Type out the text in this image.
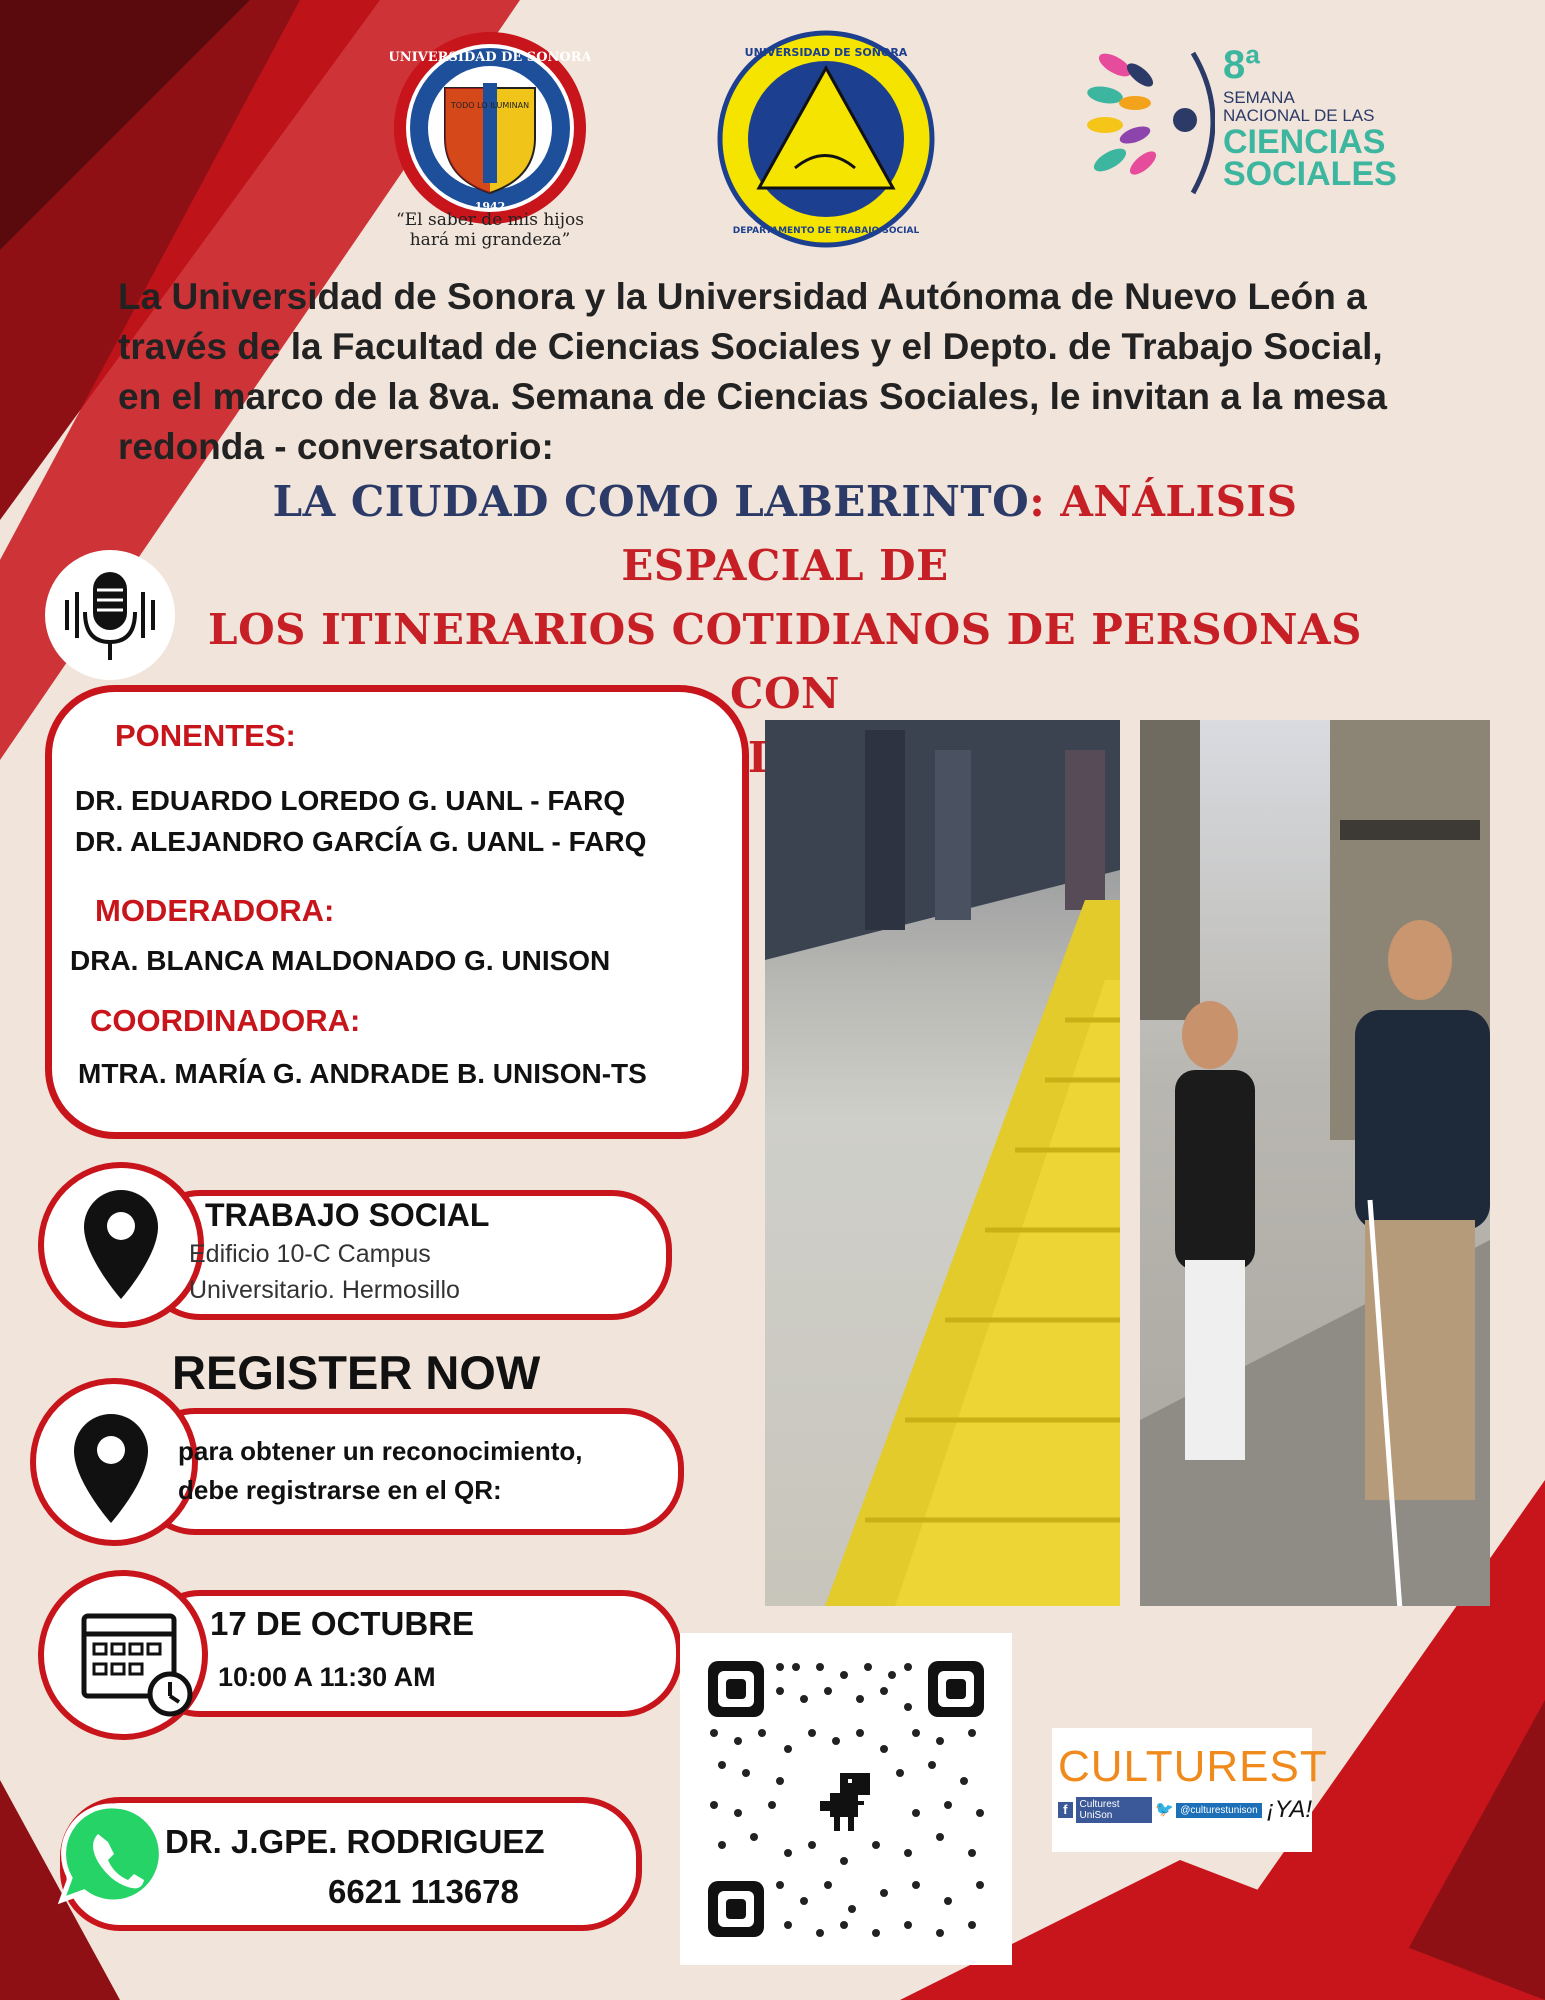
UNIVERSIDAD DE SONORA
TODO LO ILUMINAN
1942
“El saber de mis hijos
hará mi grandeza”
UNIVERSIDAD DE SONORA
DEPARTAMENTO DE TRABAJO SOCIAL
8ª
SEMANA
NACIONAL DE LAS
CIENCIAS
SOCIALES
La Universidad de Sonora y la Universidad Autónoma de Nuevo León a
través de la Facultad de Ciencias Sociales y el Depto. de Trabajo Social,
en el marco de la 8va. Semana de Ciencias Sociales, le invitan a la mesa
redonda - conversatorio:
LA CIUDAD COMO LABERINTO: ANÁLISIS ESPACIAL DE
LOS ITINERARIOS COTIDIANOS DE PERSONAS CON
PONENTES:
DR. EDUARDO LOREDO G. UANL - FARQ
DR. ALEJANDRO GARCÍA G. UANL - FARQ
MODERADORA:
DRA. BLANCA MALDONADO G. UNISON
COORDINADORA:
MTRA. MARÍA G. ANDRADE B. UNISON-TS
TRABAJO SOCIAL
Edificio 10-C Campus
Universitario. Hermosillo
REGISTER NOW
para obtener un reconocimiento,
debe registrarse en el QR:
17 DE OCTUBRE
10:00 A 11:30 AM
DR. J.GPE. RODRIGUEZ
6621 113678
CULTUREST
f	Culturest UniSon	🐦 @culturestunison ¡YA!
